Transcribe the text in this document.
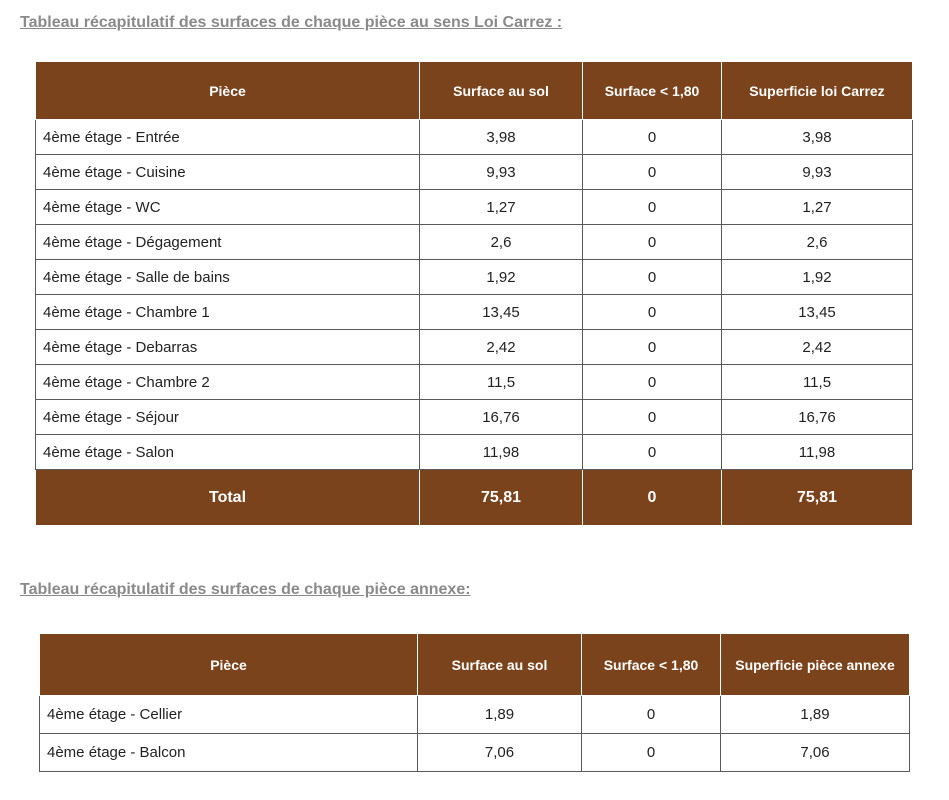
Tableau récapitulatif des surfaces de chaque pièce au sens Loi Carrez :
Pièce	Surface au sol	Surface < 1,80	Superficie loi Carrez
4ème étage - Entrée	3,98	0	3,98
4ème étage - Cuisine	9,93	0	9,93
4ème étage - WC	1,27	0	1,27
4ème étage - Dégagement	2,6	0	2,6
4ème étage - Salle de bains	1,92	0	1,92
4ème étage - Chambre 1	13,45	0	13,45
4ème étage - Debarras	2,42	0	2,42
4ème étage - Chambre 2	11,5	0	11,5
4ème étage - Séjour	16,76	0	16,76
4ème étage - Salon	11,98	0	11,98
Total	75,81	0	75,81
Tableau récapitulatif des surfaces de chaque pièce annexe:
Pièce	Surface au sol	Surface < 1,80	Superficie pièce annexe
4ème étage - Cellier	1,89	0	1,89
4ème étage - Balcon	7,06	0	7,06
